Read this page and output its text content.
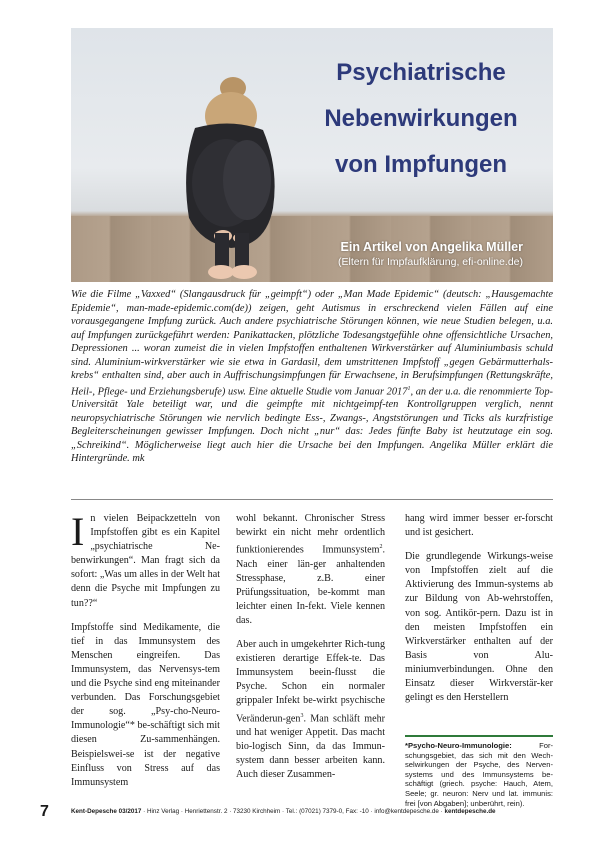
Psychiatrische
Nebenwirkungen
von Impfungen
Ein Artikel von Angelika Müller
(Eltern für Impfaufklärung, efi-online.de)
Wie die Filme „Vaxxed“ (Slangausdruck für „geimpft“) oder „Man Made Epidemic“ (deutsch: „Hausgemachte Epidemie“, man-made-epidemic.com(de)) zeigen, geht Autismus in erschreckend vielen Fällen auf eine vorausgegangene Impfung zurück. Auch andere psychiatrische Störungen können, wie neue Studien belegen, u.a. auf Impfungen zurückgeführt werden: Panikattacken, plötzliche Todesangstgefühle ohne offensichtliche Ursachen, Depressionen ... woran zumeist die in vielen Impfstoffen enthaltenen Wirkverstärker auf Aluminiumbasis schuld sind. Aluminium-wirkverstärker wie sie etwa in Gardasil, dem umstrittenen Impfstoff „gegen Gebärmutterhals-krebs“ enthalten sind, aber auch in Auffrischungsimpfungen für Erwachsene, in Berufsimpfungen (Rettungskräfte, Heil-, Pflege- und Erziehungsberufe) usw. Eine aktuelle Studie vom Januar 2017$^1$, an der u.a. die renommierte Top-Universität Yale beteiligt war, und die geimpfte mit nichtgeimpf-ten Kontrollgruppen verglich, nennt neuropsychiatrische Störungen wie nervlich bedingte Ess-, Zwangs-, Angststörungen und Ticks als kurzfristige Begleiterscheinungen gewisser Impfungen. Doch nicht „nur“ das: Jedes fünfte Baby ist heutzutage ein sog. „Schreikind“. Möglicherweise liegt auch hier die Ursache bei den Impfungen. Angelika Müller erklärt die Hintergründe. mk

In vielen Beipackzetteln von Impfstoffen gibt es ein Kapitel „psychiatrische Ne-benwirkungen“. Man fragt sich da sofort: „Was um alles in der Welt hat denn die Psyche mit Impfungen zu tun??“

Impfstoffe sind Medikamente, die tief in das Immunsystem des Menschen eingreifen. Das Immunsystem, das Nervensys-tem und die Psyche sind eng miteinander verbunden. Das Forschungsgebiet der sog. „Psy-cho-Neuro-Immunologie“* be-schäftigt sich mit diesen Zu-sammenhängen. Beispielswei-se ist der negative Einfluss von Stress auf das Immunsystem

wohl bekannt. Chronischer Stress bewirkt ein nicht mehr ordentlich funktionierendes Immunsystem$^2$. Nach einer län-ger anhaltenden Stressphase, z.B. einer Prüfungssituation, be-kommt man leichter einen In-fekt. Viele kennen das.

Aber auch in umgekehrter Rich-tung existieren derartige Effek-te. Das Immunsystem beein-flusst die Psyche. Schon ein normaler grippaler Infekt be-wirkt psychische Veränderun-gen$^3$. Man schläft mehr und hat weniger Appetit. Das macht bio-logisch Sinn, da das Immun-system dann besser arbeiten kann. Auch dieser Zusammen-

hang wird immer besser er-forscht und ist gesichert.

Die grundlegende Wirkungs-weise von Impfstoffen zielt auf die Aktivierung des Immun-systems ab zur Bildung von Ab-wehrstoffen, von sog. Antikör-pern. Dazu ist in den meisten Impfstoffen ein Wirkverstärker enthalten auf der Basis von Alu-miniumverbindungen. Ohne den Einsatz dieser Wirkverstär-ker gelingt es den Herstellern

*Psycho-Neuro-Immunologie: For-schungsgebiet, das sich mit den Wech-selwirkungen der Psyche, des Nerven-systems und des Immunsystems be-schäftigt (griech. psyche: Hauch, Atem, Seele; gr. neuron: Nerv und lat. immunis: frei [von Abgaben]; unberührt, rein).
7	Kent-Depesche 03/2017 · Hinz Verlag · Henriettenstr. 2 · 73230 Kirchheim · Tel.: (07021) 7379-0, Fax: -10 · info@kentdepesche.de · kentdepesche.de
